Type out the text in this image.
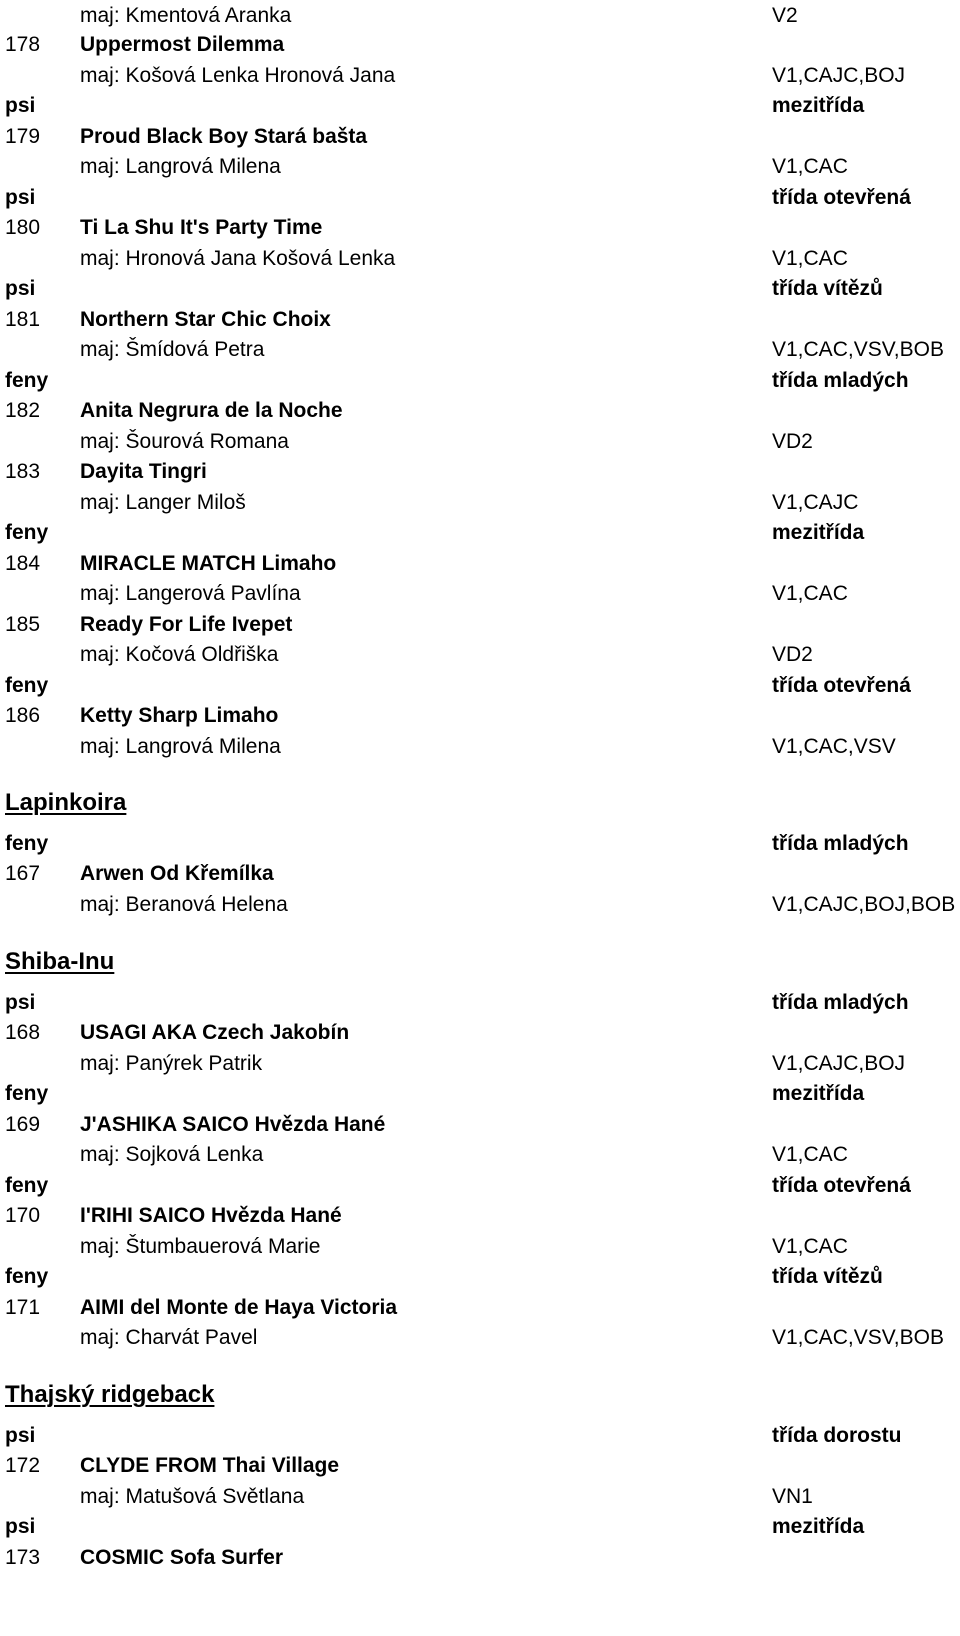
maj: Kmentová Aranka	V2
178 Uppermost Dilemma
maj: Košová Lenka Hronová Jana	V1,CAJC,BOJ
psi	mezitřída
179 Proud Black Boy Stará bašta
maj: Langrová Milena	V1,CAC
psi	třída otevřená
180 Ti La Shu It's Party Time
maj: Hronová Jana Košová Lenka	V1,CAC
psi	třída vítězů
181 Northern Star Chic Choix
maj: Šmídová Petra	V1,CAC,VSV,BOB
feny	třída mladých
182 Anita Negrura de la Noche
maj: Šourová Romana	VD2
183 Dayita Tingri
maj: Langer Miloš	V1,CAJC
feny	mezitřída
184 MIRACLE MATCH Limaho
maj: Langerová Pavlína	V1,CAC
185 Ready For Life Ivepet
maj: Kočová Oldřiška	VD2
feny	třída otevřená
186 Ketty Sharp Limaho
maj: Langrová Milena	V1,CAC,VSV
Lapinkoira
feny	třída mladých
167 Arwen Od Křemílka
maj: Beranová Helena	V1,CAJC,BOJ,BOB
Shiba-Inu
psi	třída mladých
168 USAGI AKA Czech Jakobín
maj: Panýrek Patrik	V1,CAJC,BOJ
feny	mezitřída
169 J'ASHIKA SAICO Hvězda Hané
maj: Sojková Lenka	V1,CAC
feny	třída otevřená
170 I'RIHI SAICO Hvězda Hané
maj: Štumbauerová Marie	V1,CAC
feny	třída vítězů
171 AIMI del Monte de Haya Victoria
maj: Charvát Pavel	V1,CAC,VSV,BOB
Thajský ridgeback
psi	třída dorostu
172 CLYDE FROM Thai Village
maj: Matušová Světlana	VN1
psi	mezitřída
173 COSMIC Sofa Surfer
